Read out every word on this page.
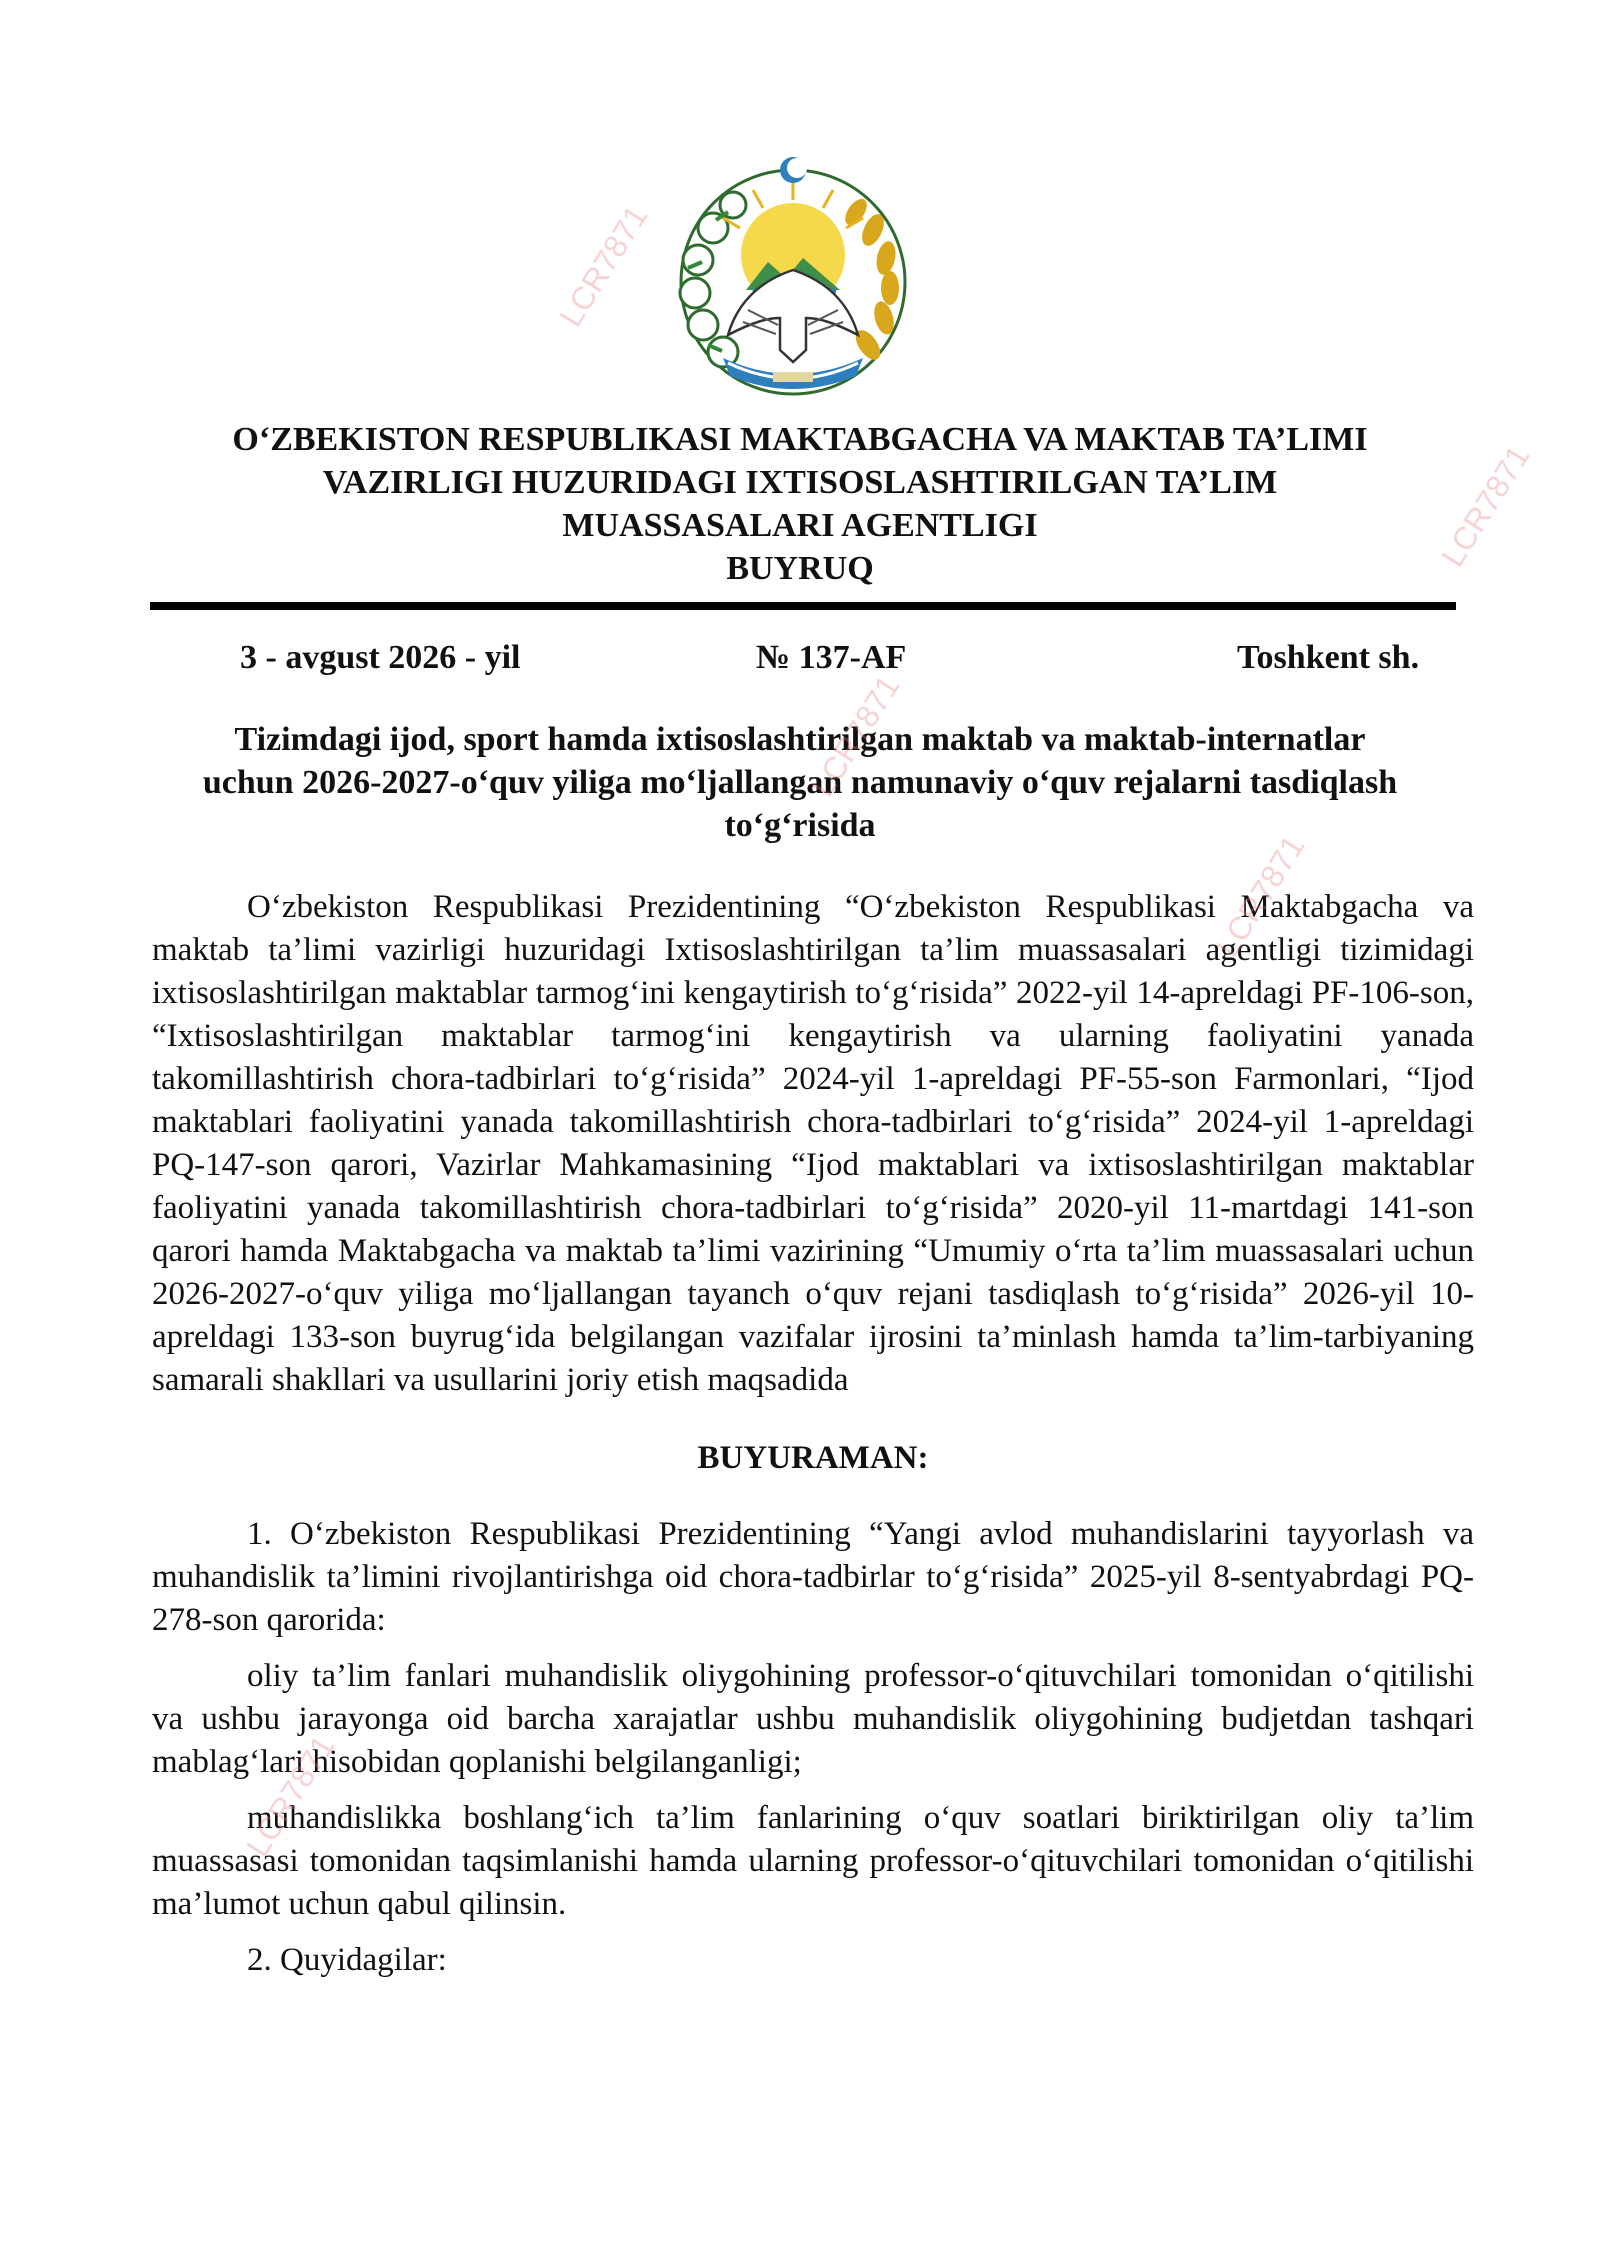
O‘ZBEKISTON RESPUBLIKASI MAKTABGACHA VA MAKTAB TA’LIMI
VAZIRLIGI HUZURIDAGI IXTISOSLASHTIRILGAN TA’LIM
MUASSASALARI AGENTLIGI
BUYRUQ
3 - avgust 2026 - yil	№ 137-AF	Toshkent sh.
Tizimdagi ijod, sport hamda ixtisoslashtirilgan maktab va maktab-internatlar
uchun 2026-2027-o‘quv yiliga mo‘ljallangan namunaviy o‘quv rejalarni tasdiqlash
to‘g‘risida

O‘zbekiston Respublikasi Prezidentining “O‘zbekiston Respublikasi Maktabgacha va maktab ta’limi vazirligi huzuridagi Ixtisoslashtirilgan ta’lim muassasalari agentligi tizimidagi ixtisoslashtirilgan maktablar tarmog‘ini kengaytirish to‘g‘risida” 2022-yil 14-apreldagi PF-106-son, “Ixtisoslashtirilgan maktablar tarmog‘ini kengaytirish va ularning faoliyatini yanada takomillashtirish chora-tadbirlari to‘g‘risida” 2024-yil 1-apreldagi PF-55-son Farmonlari, “Ijod maktablari faoliyatini yanada takomillashtirish chora-tadbirlari to‘g‘risida” 2024-yil 1-apreldagi PQ-147-son qarori, Vazirlar Mahkamasining “Ijod maktablari va ixtisoslashtirilgan maktablar faoliyatini yanada takomillashtirish chora-tadbirlari to‘g‘risida” 2020-yil 11-martdagi 141-son qarori hamda Maktabgacha va maktab ta’limi vazirining “Umumiy o‘rta ta’lim muassasalari uchun 2026-2027-o‘quv yiliga mo‘ljallangan tayanch o‘quv rejani tasdiqlash to‘g‘risida” 2026-yil 10-apreldagi 133-son buyrug‘ida belgilangan vazifalar ijrosini ta’minlash hamda ta’lim-tarbiyaning samarali shakllari va usullarini joriy etish maqsadida

BUYURAMAN:

1. O‘zbekiston Respublikasi Prezidentining “Yangi avlod muhandislarini tayyorlash va muhandislik ta’limini rivojlantirishga oid chora-tadbirlar to‘g‘risida” 2025-yil 8-sentyabrdagi PQ-278-son qarorida:

oliy ta’lim fanlari muhandislik oliygohining professor-o‘qituvchilari tomonidan o‘qitilishi va ushbu jarayonga oid barcha xarajatlar ushbu muhandislik oliygohining budjetdan tashqari mablag‘lari hisobidan qoplanishi belgilanganligi;

muhandislikka boshlang‘ich ta’lim fanlarining o‘quv soatlari biriktirilgan oliy ta’lim muassasasi tomonidan taqsimlanishi hamda ularning professor-o‘qituvchilari tomonidan o‘qitilishi ma’lumot uchun qabul qilinsin.

2. Quyidagilar:

LCR7871
LCR7871
LCR7871
LCR7871
LCR7871
